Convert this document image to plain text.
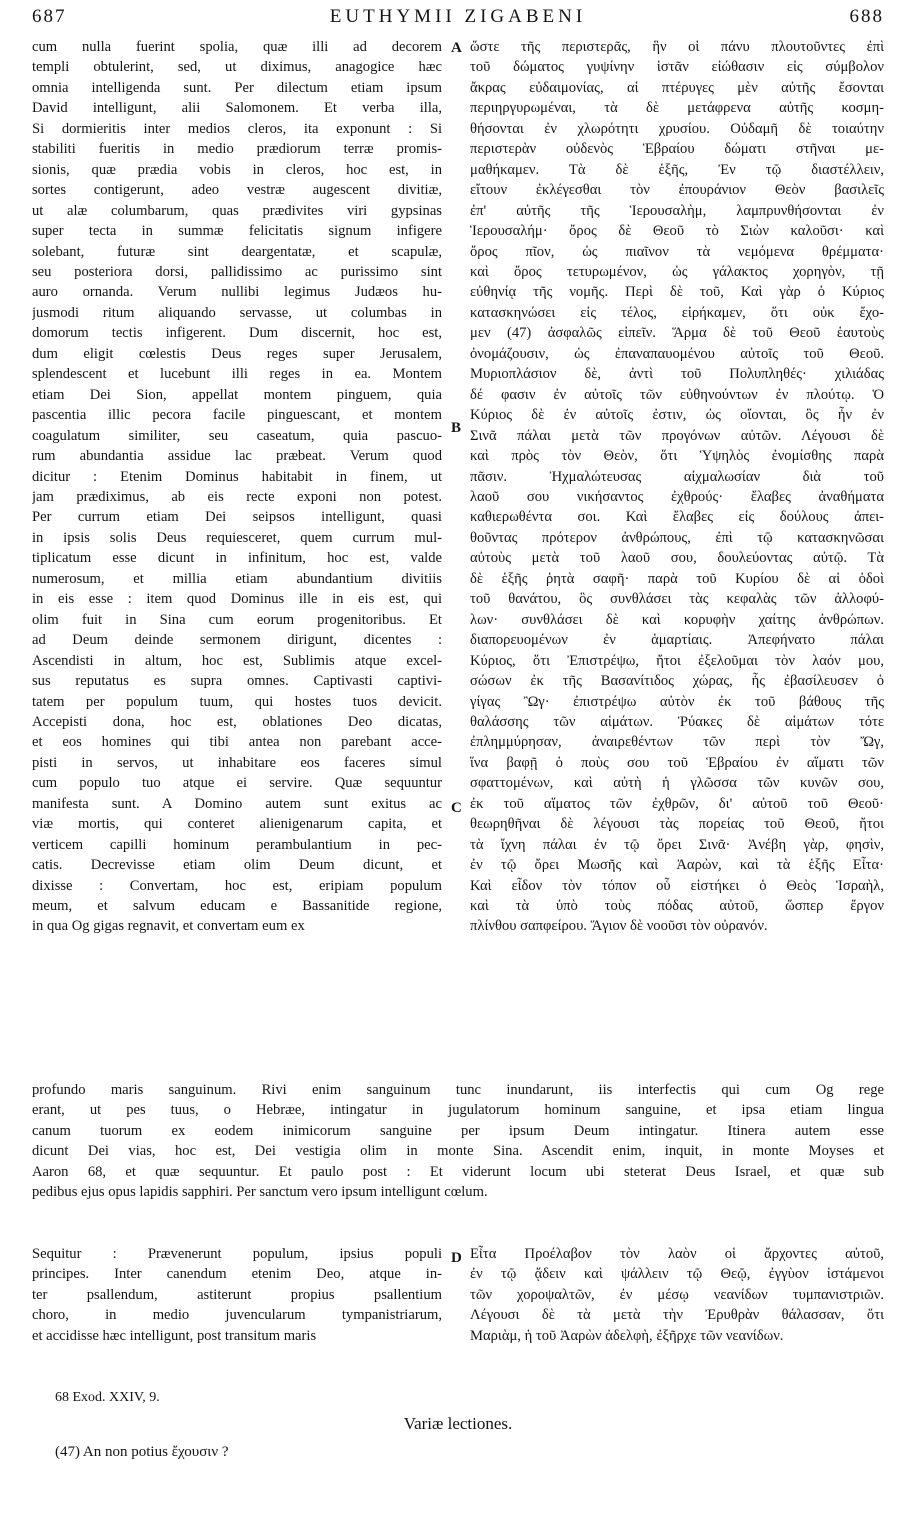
687	EUTHYMII ZIGABENI	688
cum nulla fuerint spolia, quæ illi ad decorem
templi obtulerint, sed, ut diximus, anagogice hæc
omnia intelligenda sunt. Per dilectum etiam ipsum
David intelligunt, alii Salomonem. Et verba illa,
Si dormieritis inter medios cleros, ita exponunt : Si
stabiliti fueritis in medio prædiorum terræ promis-
sionis, quæ prædia vobis in cleros, hoc est, in
sortes contigerunt, adeo vestræ augescent divitiæ,
ut alæ columbarum, quas prædivites viri gypsinas
super tecta in summæ felicitatis signum infigere
solebant, futuræ sint deargentatæ, et scapulæ,
seu posteriora dorsi, pallidissimo ac purissimo sint
auro ornanda. Verum nullibi legimus Judæos hu-
jusmodi ritum aliquando servasse, ut columbas in
domorum tectis infigerent. Dum discernit, hoc est,
dum eligit cœlestis Deus reges super Jerusalem,
splendescent et lucebunt illi reges in ea. Montem
etiam Dei Sion, appellat montem pinguem, quia
pascentia illic pecora facile pinguescant, et montem
coagulatum similiter, seu caseatum, quia pascuo-
rum abundantia assidue lac præbeat. Verum quod
dicitur : Etenim Dominus habitabit in finem, ut
jam prædiximus, ab eis recte exponi non potest.
Per currum etiam Dei seipsos intelligunt, quasi
in ipsis solis Deus requiesceret, quem currum mul-
tiplicatum esse dicunt in infinitum, hoc est, valde
numerosum, et millia etiam abundantium divitiis
in eis esse : item quod Dominus ille in eis est, qui
olim fuit in Sina cum eorum progenitoribus. Et
ad Deum deinde sermonem dirigunt, dicentes :
Ascendisti in altum, hoc est, Sublimis atque excel-
sus reputatus es supra omnes. Captivasti captivi-
tatem per populum tuum, qui hostes tuos devicit.
Accepisti dona, hoc est, oblationes Deo dicatas,
et eos homines qui tibi antea non parebant acce-
pisti in servos, ut inhabitare eos faceres simul
cum populo tuo atque ei servire. Quæ sequuntur
manifesta sunt. A Domino autem sunt exitus ac
viæ mortis, qui conteret alienigenarum capita, et
verticem capilli hominum perambulantium in pec-
catis. Decrevisse etiam olim Deum dicunt, et
dixisse : Convertam, hoc est, eripiam populum
meum, et salvum educam e Bassanitide regione,
in qua Og gigas regnavit, et convertam eum ex
ὥστε τῆς περιστερᾶς, ἣν οἱ πάνυ πλουτοῦντες ἐπὶ
τοῦ δώματος γυψίνην ἱστᾶν εἰώθασιν εἰς σύμβολον
ἄκρας εὐδαιμονίας, αἱ πτέρυγες μὲν αὐτῆς ἔσονται
περιηργυρωμέναι, τὰ δὲ μετάφρενα αὐτῆς κοσμη-
θήσονται ἐν χλωρότητι χρυσίου. Οὐδαμῆ δὲ τοιαύτην
περιστερὰν οὐδενὸς Ἑβραίου δώματι στῆναι με-
μαθήκαμεν. Τὰ δὲ ἑξῆς, Ἐν τῷ διαστέλλειν,
εἴτουν ἐκλέγεσθαι τὸν ἐπουράνιον Θεὸν βασιλεῖς
ἐπ' αὐτῆς τῆς Ἱερουσαλὴμ, λαμπρυνθήσονται ἐν
Ἱερουσαλήμ· ὄρος δὲ Θεοῦ τὸ Σιὼν καλοῦσι· καὶ
ὄρος πῖον, ὡς πιαῖνον τὰ νεμόμενα θρέμματα·
καὶ ὄρος τετυρωμένον, ὡς γάλακτος χορηγὸν, τῇ
εὐθηνίᾳ τῆς νομῆς. Περὶ δὲ τοῦ, Καὶ γὰρ ὁ Κύριος
κατασκηνώσει εἰς τέλος, εἰρήκαμεν, ὅτι οὐκ ἔχο-
μεν (47) ἀσφαλῶς εἰπεῖν. Ἅρμα δὲ τοῦ Θεοῦ ἑαυτοὺς
ὀνομάζουσιν, ὡς ἐπαναπαυομένου αὐτοῖς τοῦ Θεοῦ.
Μυριοπλάσιον δὲ, ἀντὶ τοῦ Πολυπληθές· χιλιάδας
δέ φασιν ἐν αὐτοῖς τῶν εὐθηνούντων ἐν πλούτῳ. Ὁ
Κύριος δὲ ἐν αὐτοῖς ἐστιν, ὡς οἴονται, ὃς ἦν ἐν
Σινᾶ πάλαι μετὰ τῶν προγόνων αὐτῶν. Λέγουσι δὲ
καὶ πρὸς τὸν Θεὸν, ὅτι Ὑψηλὸς ἐνομίσθης παρὰ
πᾶσιν. Ἠχμαλώτευσας αἰχμαλωσίαν διὰ τοῦ
λαοῦ σου νικήσαντος ἐχθρούς· ἔλαβες ἀναθήματα
καθιερωθέντα σοι. Καὶ ἔλαβες εἰς δούλους ἀπει-
θοῦντας πρότερον ἀνθρώπους, ἐπὶ τῷ κατασκηνῶσαι
αὐτοὺς μετὰ τοῦ λαοῦ σου, δουλεύοντας αὐτῷ. Τὰ
δὲ ἑξῆς ῥητὰ σαφῆ· παρὰ τοῦ Κυρίου δὲ αἱ ὁδοὶ
τοῦ θανάτου, ὃς συνθλάσει τὰς κεφαλὰς τῶν ἀλλοφύ-
λων· συνθλάσει δὲ καὶ κορυφὴν χαίτης ἀνθρώπων.
διαπορευομένων ἐν ἁμαρτίαις. Ἀπεφήνατο πάλαι
Κύριος, ὅτι Ἐπιστρέψω, ἤτοι ἐξελοῦμαι τὸν λαόν μου,
σώσων ἐκ τῆς Βασανίτιδος χώρας, ἧς ἐβασίλευσεν ὁ
γίγας Ὢγ· ἐπιστρέψω αὐτὸν ἐκ τοῦ βάθους τῆς
θαλάσσης τῶν αἱμάτων. Ῥύακες δὲ αἱμάτων τότε
ἐπλημμύρησαν, ἀναιρεθέντων τῶν περὶ τὸν Ὤγ,
ἵνα βαφῇ ὁ ποὺς σου τοῦ Ἑβραίου ἐν αἵματι τῶν
σφαττομένων, καὶ αὐτὴ ἡ γλῶσσα τῶν κυνῶν σου,
ἐκ τοῦ αἵματος τῶν ἐχθρῶν, δι' αὐτοῦ τοῦ Θεοῦ·
θεωρηθῆναι δὲ λέγουσι τὰς πορείας τοῦ Θεοῦ, ἤτοι
τὰ ἴχνη πάλαι ἐν τῷ ὄρει Σινᾶ· Ἀνέβη γὰρ, φησὶν,
ἐν τῷ ὄρει Μωσῆς καὶ Ἀαρὼν, καὶ τὰ ἑξῆς Εἶτα·
Καὶ εἶδον τὸν τόπον οὗ εἱστήκει ὁ Θεὸς Ἰσραὴλ,
καὶ τὰ ὑπὸ τοὺς πόδας αὐτοῦ, ὥσπερ ἔργον
πλίνθου σαπφείρου. Ἅγιον δὲ νοοῦσι τὸν οὐρανόν.
A
B
C
D
profundo maris sanguinum. Rivi enim sanguinum tunc inundarunt, iis interfectis qui cum Og rege
erant, ut pes tuus, o Hebræe, intingatur in jugulatorum hominum sanguine, et ipsa etiam lingua
canum tuorum ex eodem inimicorum sanguine per ipsum Deum intingatur. Itinera autem esse
dicunt Dei vias, hoc est, Dei vestigia olim in monte Sina. Ascendit enim, inquit, in monte Moyses et
Aaron 68, et quæ sequuntur. Et paulo post : Et viderunt locum ubi steterat Deus Israel, et quæ sub
pedibus ejus opus lapidis sapphiri. Per sanctum vero ipsum intelligunt cœlum.
Sequitur : Prævenerunt populum, ipsius populi
principes. Inter canendum etenim Deo, atque in-
ter psallendum, astiterunt propius psallentium
choro, in medio juvencularum tympanistriarum,
et accidisse hæc intelligunt, post transitum maris
Εἶτα Προέλαβον τὸν λαὸν οἱ ἄρχοντες αὐτοῦ,
ἐν τῷ ᾄδειν καὶ ψάλλειν τῷ Θεῷ, ἐγγὺον ἱστάμενοι
τῶν χοροψαλτῶν, ἐν μέσῳ νεανίδων τυμπανιστριῶν.
Λέγουσι δὲ τὰ μετὰ τὴν Ἐρυθρὰν θάλασσαν, ὅτι
Μαριὰμ, ἡ τοῦ Ἀαρὼν ἀδελφὴ, ἐξῆρχε τῶν νεανίδων.
68 Exod. XXIV, 9.
Variæ lectiones.
(47) An non potius ἔχουσιν ?
